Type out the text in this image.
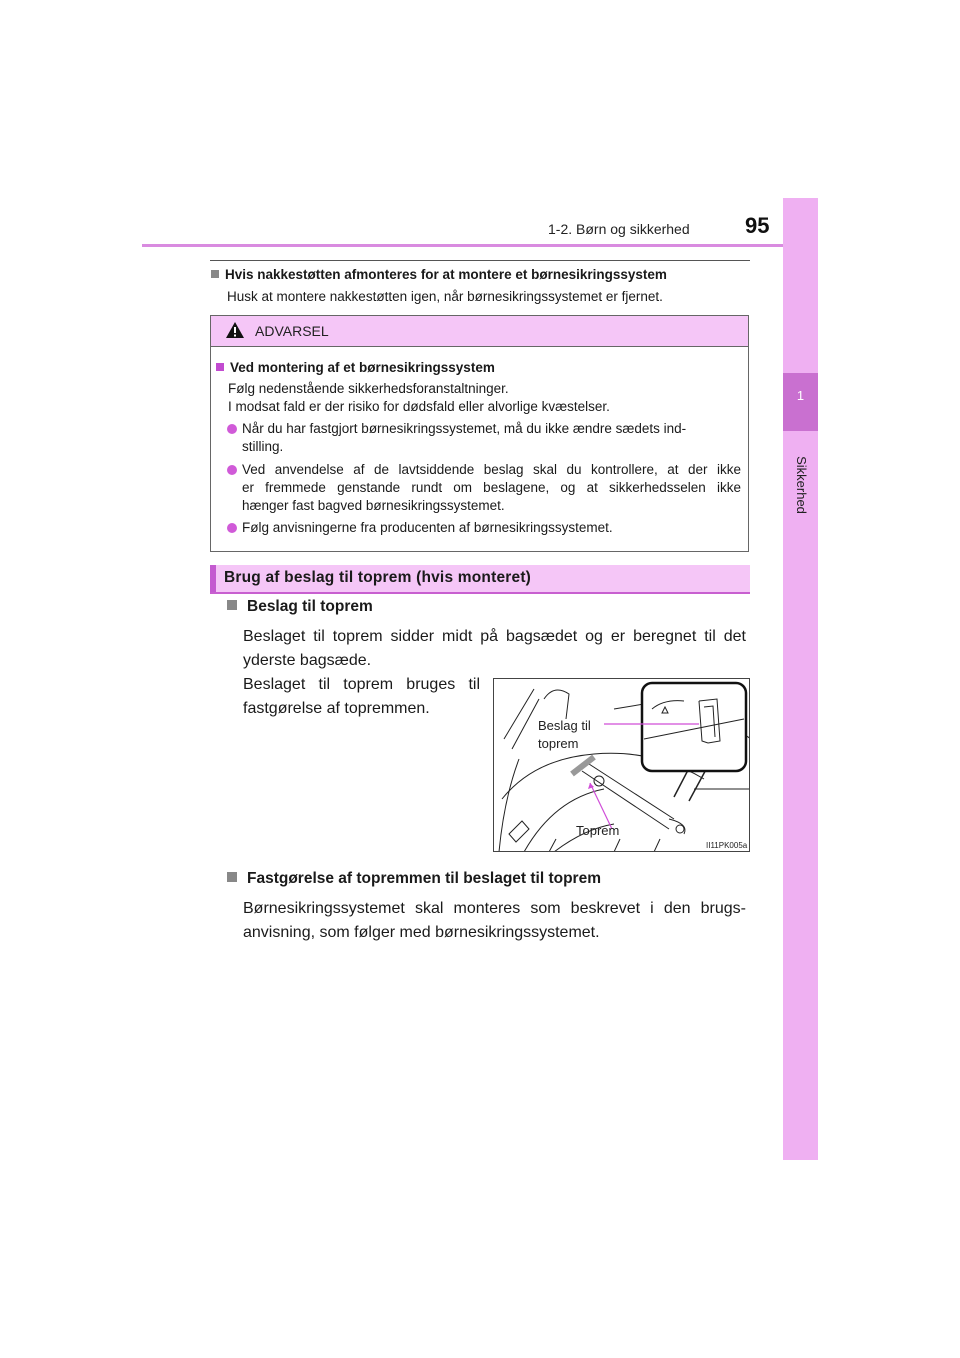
1-2. Børn og sikkerhed	95
1
Sikkerhed
Hvis nakkestøtten afmonteres for at montere et børnesikringssystem
Husk at montere nakkestøtten igen, når børnesikringssystemet er fjernet.
ADVARSEL
Ved montering af et børnesikringssystem
Følg nedenstående sikkerhedsforanstaltninger.
I modsat fald er der risiko for dødsfald eller alvorlige kvæstelser.
Når du har fastgjort børnesikringssystemet, må du ikke ændre sædets ind-
stilling.
Ved anvendelse af de lavtsiddende beslag skal du kontrollere, at der ikke
er fremmede genstande rundt om beslagene, og at sikkerhedsselen ikke
hænger fast bagved børnesikringssystemet.
Følg anvisningerne fra producenten af børnesikringssystemet.
Brug af beslag til toprem (hvis monteret)
Beslag til toprem
Beslaget til toprem sidder midt på bagsædet og er beregnet til det
yderste bagsæde.
Beslaget til toprem bruges til
fastgørelse af topremmen.
Beslag til
toprem
Toprem
II11PK005a
Fastgørelse af topremmen til beslaget til toprem
Børnesikringssystemet skal monteres som beskrevet i den brugs-
anvisning, som følger med børnesikringssystemet.
